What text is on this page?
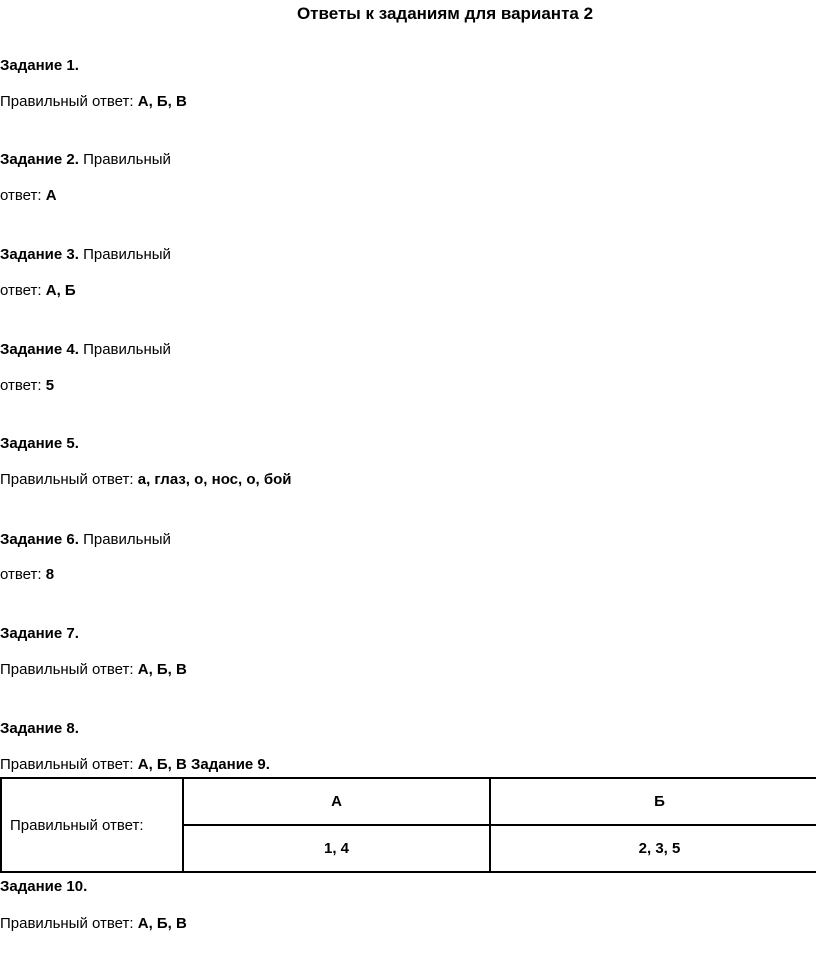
Ответы к заданиям для варианта 2
Задание 1.
Правильный ответ: А, Б, В
Задание 2. Правильный
ответ: А
Задание 3. Правильный
ответ: А, Б
Задание 4. Правильный
ответ: 5
Задание 5.
Правильный ответ: а, глаз, о, нос, о, бой
Задание 6. Правильный
ответ: 8
Задание 7.
Правильный ответ: А, Б, В
Задание 8.
Правильный ответ: А, Б, В Задание 9.
Правильный ответ:	А	Б
	1, 4	2, 3, 5
Задание 10.
Правильный ответ: А, Б, В
